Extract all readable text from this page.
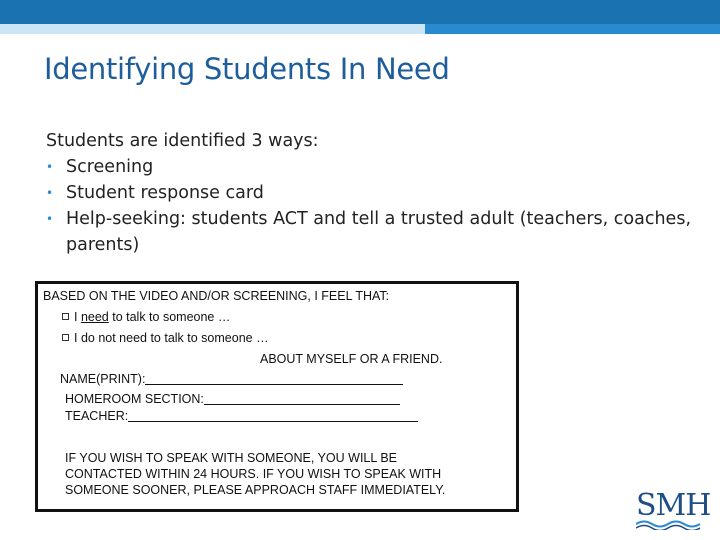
Identifying Students In Need
Students are identified 3 ways:
• Screening
• Student response card
• Help-seeking: students ACT and tell a trusted adult (teachers, coaches, parents)
BASED ON THE VIDEO AND/OR SCREENING, I FEEL THAT:
I need to talk to someone …
I do not need to talk to someone …
ABOUT MYSELF OR A FRIEND.
NAME(PRINT):
HOMEROOM SECTION:
TEACHER:
IF YOU WISH TO SPEAK WITH SOMEONE, YOU WILL BE
CONTACTED WITHIN 24 HOURS. IF YOU WISH TO SPEAK WITH
SOMEONE SOONER, PLEASE APPROACH STAFF IMMEDIATELY.	SMH
